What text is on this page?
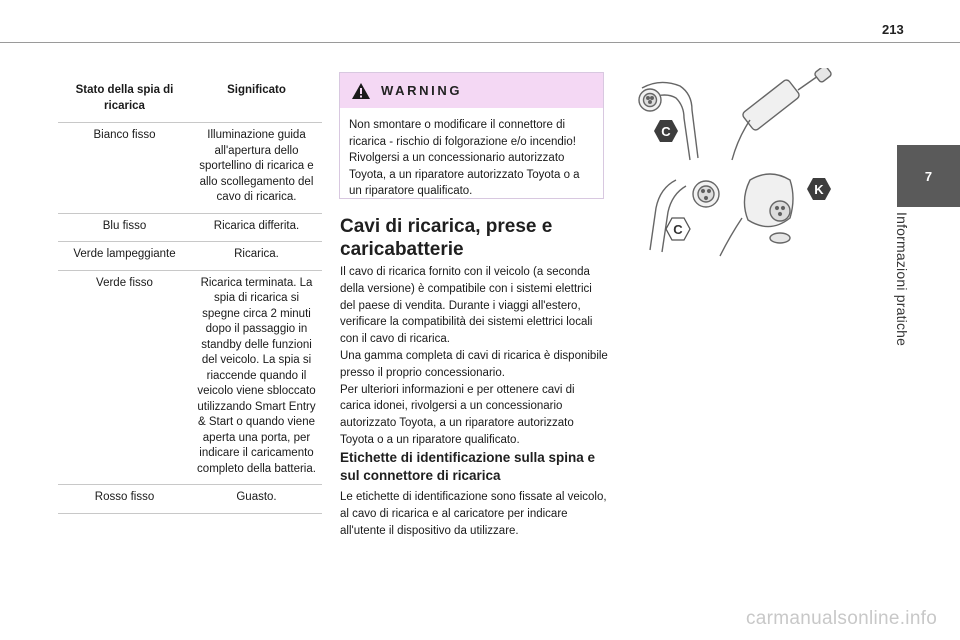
213
7
Informazioni pratiche
Stato della spia di ricarica	Significato
Bianco fisso	Illuminazione guida all'apertura dello sportellino di ricarica e allo scollegamento del cavo di ricarica.
Blu fisso	Ricarica differita.
Verde lampeggiante	Ricarica.
Verde fisso	Ricarica terminata. La spia di ricarica si spegne circa 2 minuti dopo il passaggio in standby delle funzioni del veicolo. La spia si riaccende quando il veicolo viene sbloccato utilizzando Smart Entry & Start o quando viene aperta una porta, per indicare il caricamento completo della batteria.
Rosso fisso	Guasto.
WARNING
Non smontare o modificare il connettore di ricarica - rischio di folgorazione e/o incendio! Rivolgersi a un concessionario autorizzato Toyota, a un riparatore autorizzato Toyota o a un riparatore qualificato.
Cavi di ricarica, prese e caricabatterie

Il cavo di ricarica fornito con il veicolo (a seconda della versione) è compatibile con i sistemi elettrici del paese di vendita. Durante i viaggi all'estero, verificare la compatibilità dei sistemi elettrici locali con il cavo di ricarica.

Una gamma completa di cavi di ricarica è disponibile presso il proprio concessionario.

Per ulteriori informazioni e per ottenere cavi di carica idonei, rivolgersi a un concessionario autorizzato Toyota, a un riparatore autorizzato Toyota o a un riparatore qualificato.

Etichette di identificazione sulla spina e sul connettore di ricarica

Le etichette di identificazione sono fissate al veicolo, al cavo di ricarica e al caricatore per indicare all'utente il dispositivo da utilizzare.

C
K
C
carmanualsonline.info
